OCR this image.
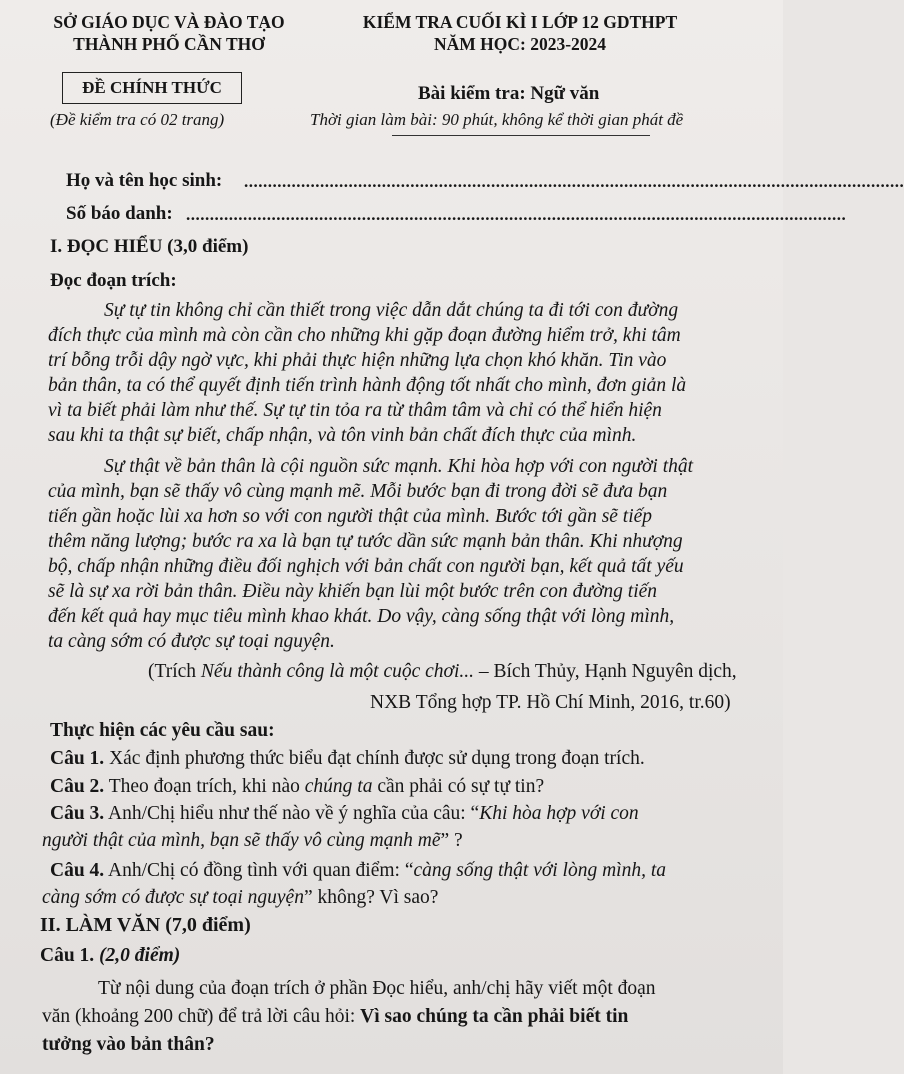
SỞ GIÁO DỤC VÀ ĐÀO TẠO
THÀNH PHỐ CẦN THƠ
KIỂM TRA CUỐI KÌ I LỚP 12 GDTHPT
NĂM HỌC: 2023-2024
ĐỀ CHÍNH THỨC
(Đề kiểm tra có 02 trang)
Bài kiểm tra: Ngữ văn
Thời gian làm bài: 90 phút, không kể thời gian phát đề
Họ và tên học sinh: ...........................................................................................................................................
Số báo danh: ...........................................................................................................................................
I. ĐỌC HIỂU (3,0 điểm)
Đọc đoạn trích:
Sự tự tin không chỉ cần thiết trong việc dẫn dắt chúng ta đi tới con đường
đích thực của mình mà còn cần cho những khi gặp đoạn đường hiểm trở, khi tâm
trí bỗng trỗi dậy ngờ vực, khi phải thực hiện những lựa chọn khó khăn. Tin vào
bản thân, ta có thể quyết định tiến trình hành động tốt nhất cho mình, đơn giản là
vì ta biết phải làm như thế. Sự tự tin tỏa ra từ thâm tâm và chỉ có thể hiển hiện
sau khi ta thật sự biết, chấp nhận, và tôn vinh bản chất đích thực của mình.
Sự thật về bản thân là cội nguồn sức mạnh. Khi hòa hợp với con người thật
của mình, bạn sẽ thấy vô cùng mạnh mẽ. Mỗi bước bạn đi trong đời sẽ đưa bạn
tiến gần hoặc lùi xa hơn so với con người thật của mình. Bước tới gần sẽ tiếp
thêm năng lượng; bước ra xa là bạn tự tước dần sức mạnh bản thân. Khi nhượng
bộ, chấp nhận những điều đối nghịch với bản chất con người bạn, kết quả tất yếu
sẽ là sự xa rời bản thân. Điều này khiến bạn lùi một bước trên con đường tiến
đến kết quả hay mục tiêu mình khao khát. Do vậy, càng sống thật với lòng mình,
ta càng sớm có được sự toại nguyện.
(Trích Nếu thành công là một cuộc chơi... – Bích Thủy, Hạnh Nguyên dịch,
NXB Tổng hợp TP. Hồ Chí Minh, 2016, tr.60)
Thực hiện các yêu cầu sau:
Câu 1. Xác định phương thức biểu đạt chính được sử dụng trong đoạn trích.
Câu 2. Theo đoạn trích, khi nào chúng ta cần phải có sự tự tin?
Câu 3. Anh/Chị hiểu như thế nào về ý nghĩa của câu: “Khi hòa hợp với con
người thật của mình, bạn sẽ thấy vô cùng mạnh mẽ” ?
Câu 4. Anh/Chị có đồng tình với quan điểm: “càng sống thật với lòng mình, ta
càng sớm có được sự toại nguyện” không? Vì sao?
II. LÀM VĂN (7,0 điểm)
Câu 1. (2,0 điểm)
Từ nội dung của đoạn trích ở phần Đọc hiểu, anh/chị hãy viết một đoạn
văn (khoảng 200 chữ) để trả lời câu hỏi: Vì sao chúng ta cần phải biết tin
tưởng vào bản thân?
